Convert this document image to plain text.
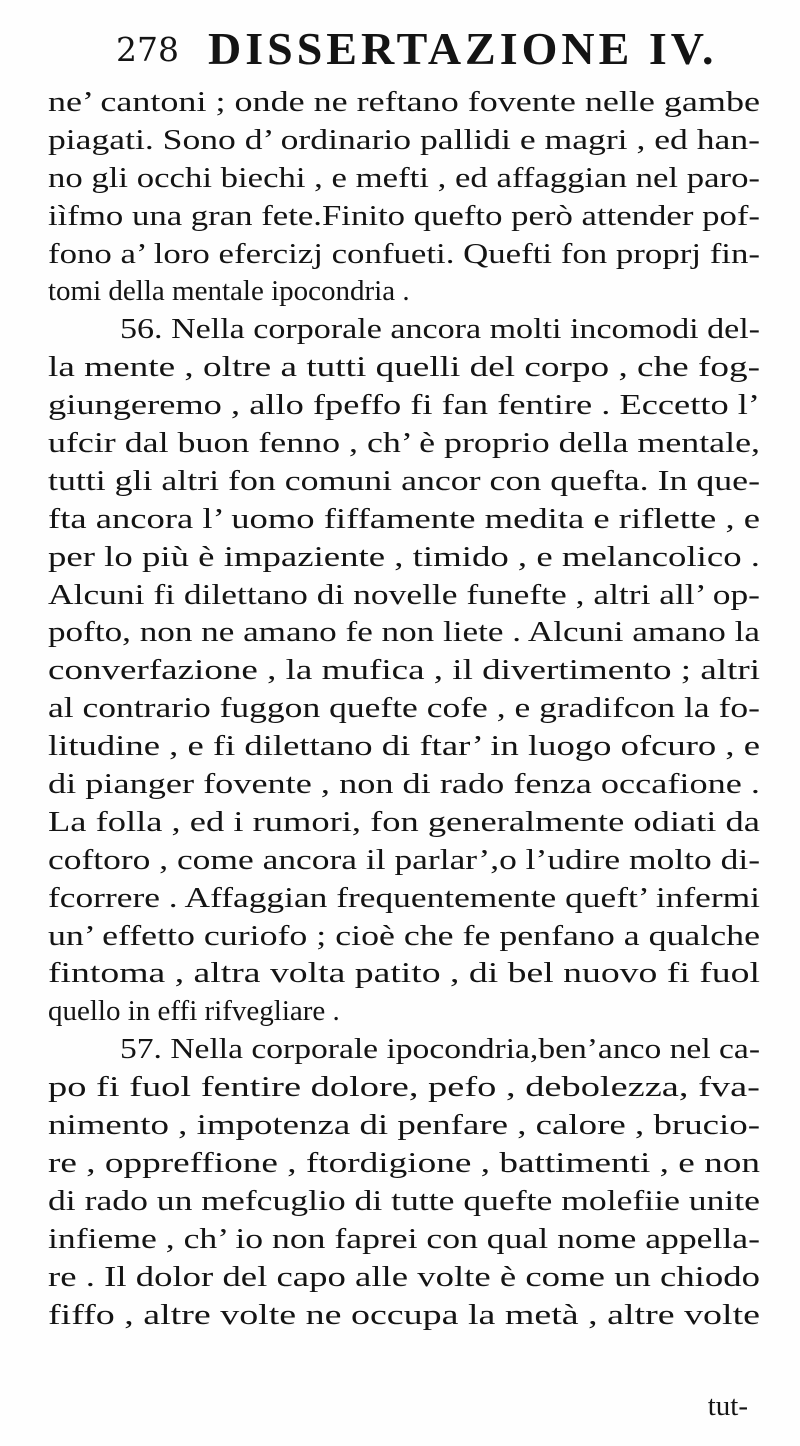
278 DISSERTAZIONE IV.
ne’ cantoni ; onde ne reftano fovente nelle gambe
piagati. Sono d’ ordinario pallidi e magri , ed han-
no gli occhi biechi , e mefti , ed affaggian nel paro-
iìfmo una gran fete.Finito quefto però attender pof-
fono a’ loro efercizj confueti. Quefti fon proprj fin-
tomi della mentale ipocondria .
56. Nella corporale ancora molti incomodi del-
la mente , oltre a tutti quelli del corpo , che fog-
giungeremo , allo fpeffo fi fan fentire . Eccetto l’
ufcir dal buon fenno , ch’ è proprio della mentale,
tutti gli altri fon comuni ancor con quefta. In que-
fta ancora l’ uomo fiffamente medita e riflette , e
per lo più è impaziente , timido , e melancolico .
Alcuni fi dilettano di novelle funefte , altri all’ op-
pofto, non ne amano fe non liete . Alcuni amano la
converfazione , la mufica , il divertimento ; altri
al contrario fuggon quefte cofe , e gradifcon la fo-
litudine , e fi dilettano di ftar’ in luogo ofcuro , e
di pianger fovente , non di rado fenza occafione .
La folla , ed i rumori, fon generalmente odiati da
coftoro , come ancora il parlar’,o l’udire molto di-
fcorrere . Affaggian frequentemente queft’ infermi
un’ effetto curiofo ; cioè che fe penfano a qualche
fintoma , altra volta patito , di bel nuovo fi fuol
quello in effi rifvegliare .
57. Nella corporale ipocondria,ben’anco nel ca-
po fi fuol fentire dolore, pefo , debolezza, fva-
nimento , impotenza di penfare , calore , brucio-
re , oppreffione , ftordigione , battimenti , e non
di rado un mefcuglio di tutte quefte molefiie unite
infieme , ch’ io non faprei con qual nome appella-
re . Il dolor del capo alle volte è come un chiodo
fiffo , altre volte ne occupa la metà , altre volte
tut-
